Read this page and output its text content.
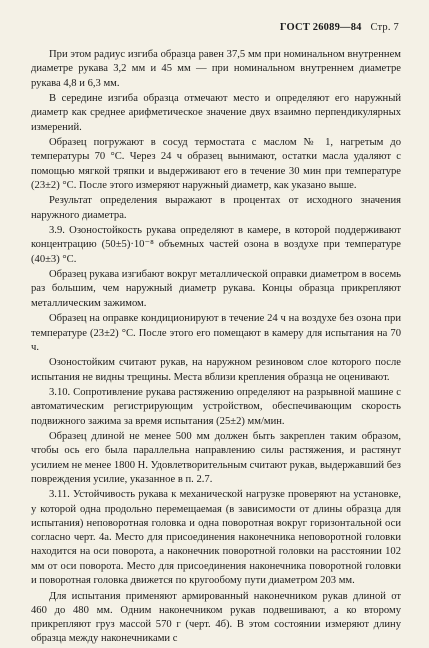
ГОСТ 26089—84 Стр. 7

При этом радиус изгиба образца равен 37,5 мм при номинальном внутреннем диаметре рукава 3,2 мм и 45 мм — при номинальном внутреннем диаметре рукава 4,8 и 6,3 мм.

В середине изгиба образца отмечают место и определяют его наружный диаметр как среднее арифметическое значение двух взаимно перпендикулярных измерений.

Образец погружают в сосуд термостата с маслом № 1, нагретым до температуры 70 °С. Через 24 ч образец вынимают, остатки масла удаляют с помощью мягкой тряпки и выдерживают его в течение 30 мин при температуре (23±2) °С. После этого измеряют наружный диаметр, как указано выше.

Результат определения выражают в процентах от исходного значения наружного диаметра.

3.9. Озоностойкость рукава определяют в камере, в которой поддерживают концентрацию (50±5)·10⁻⁸ объемных частей озона в воздухе при температуре (40±3) °С.

Образец рукава изгибают вокруг металлической оправки диаметром в восемь раз большим, чем наружный диаметр рукава. Концы образца прикрепляют металлическим зажимом.

Образец на оправке кондиционируют в течение 24 ч на воздухе без озона при температуре (23±2) °С. После этого его помещают в камеру для испытания на 70 ч.

Озоностойким считают рукав, на наружном резиновом слое которого после испытания не видны трещины. Места вблизи крепления образца не оценивают.

3.10. Сопротивление рукава растяжению определяют на разрывной машине с автоматическим регистрирующим устройством, обеспечивающим скорость подвижного зажима за время испытания (25±2) мм/мин.

Образец длиной не менее 500 мм должен быть закреплен таким образом, чтобы ось его была параллельна направлению силы растяжения, и растянут усилием не менее 1800 Н. Удовлетворительным считают рукав, выдержавший без повреждения усилие, указанное в п. 2.7.

3.11. Устойчивость рукава к механической нагрузке проверяют на установке, у которой одна продольно перемещаемая (в зависимости от длины образца для испытания) неповоротная головка и одна поворотная вокруг горизонтальной оси согласно черт. 4а. Место для присоединения наконечника неповоротной головки находится на оси поворота, а наконечник поворотной головки на расстоянии 102 мм от оси поворота. Место для присоединения наконечника поворотной головки и поворотная головка движется по кругообому пути диаметром 203 мм.

Для испытания применяют армированный наконечником рукав длиной от 460 до 480 мм. Одним наконечником рукав подвешивают, а ко второму прикрепляют груз массой 570 г (черт. 4б). В этом состоянии измеряют длину образца между наконечниками с
